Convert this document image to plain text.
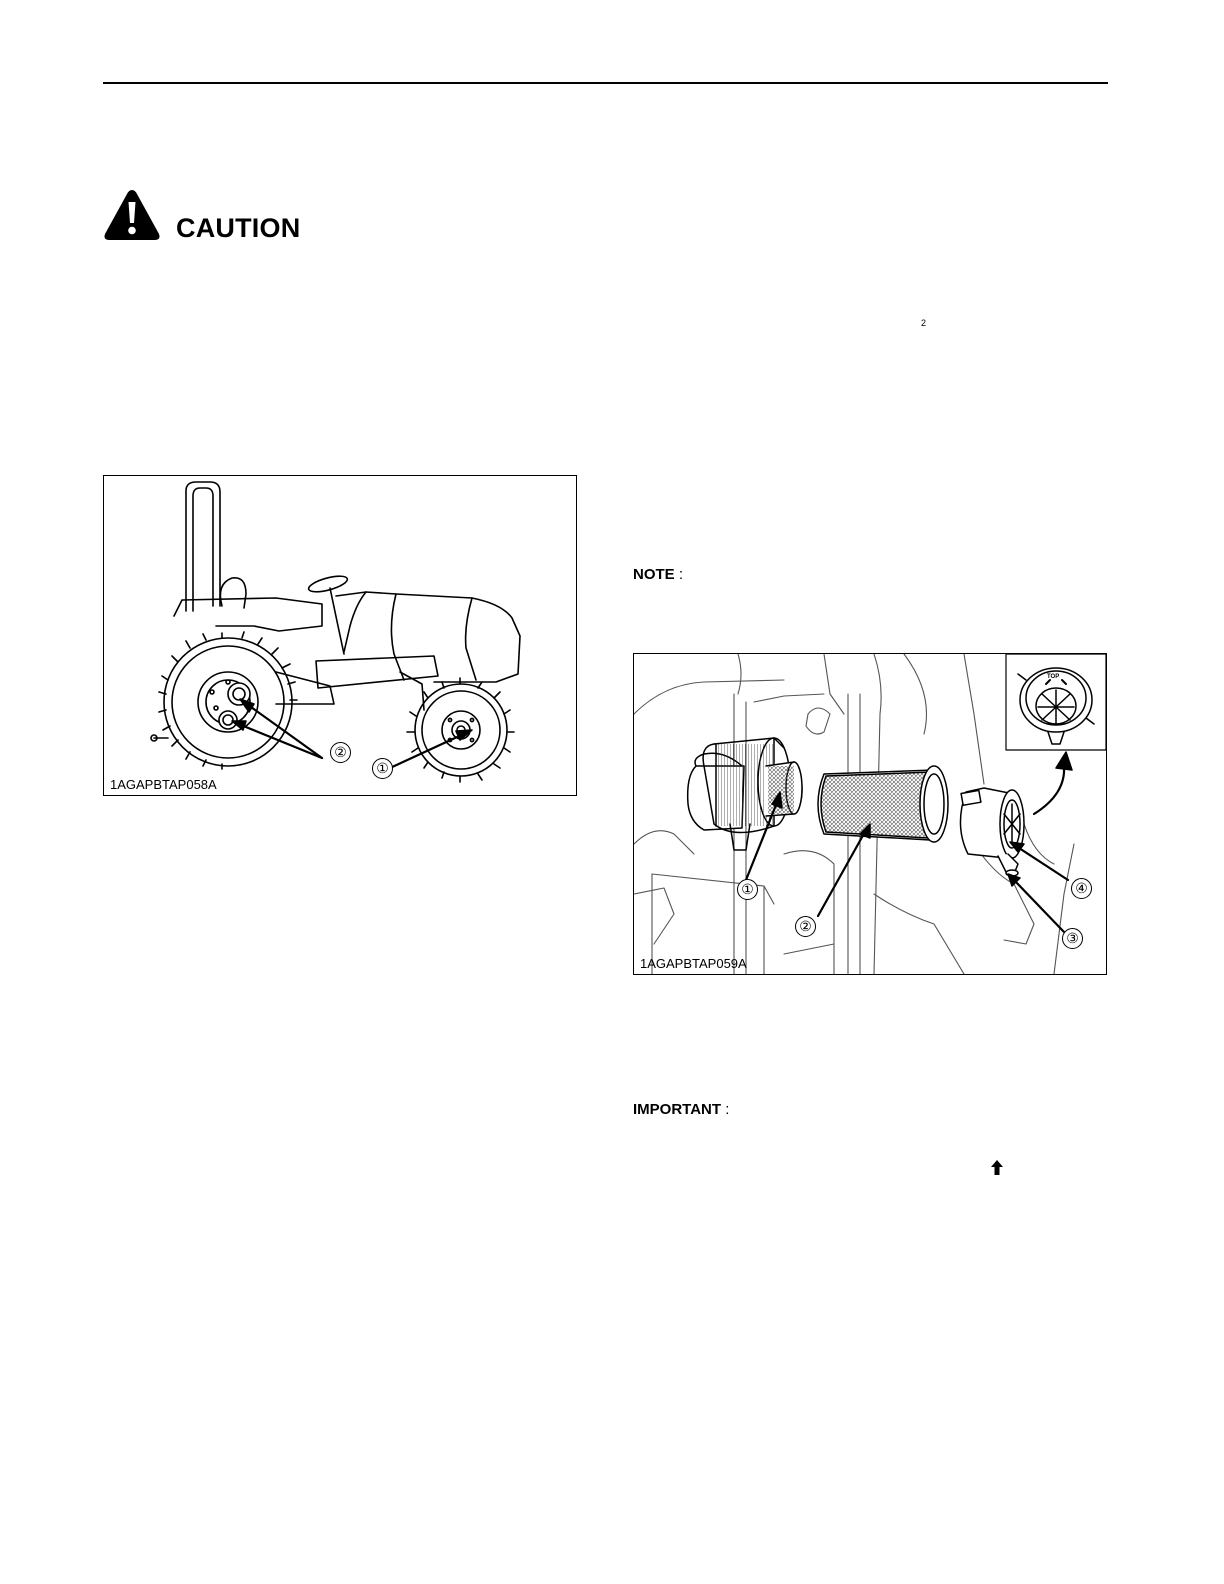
CAUTION
2
②
①
1AGAPBTAP058A
NOTE :
TOP
①
②
④
③
1AGAPBTAP059A
IMPORTANT :
